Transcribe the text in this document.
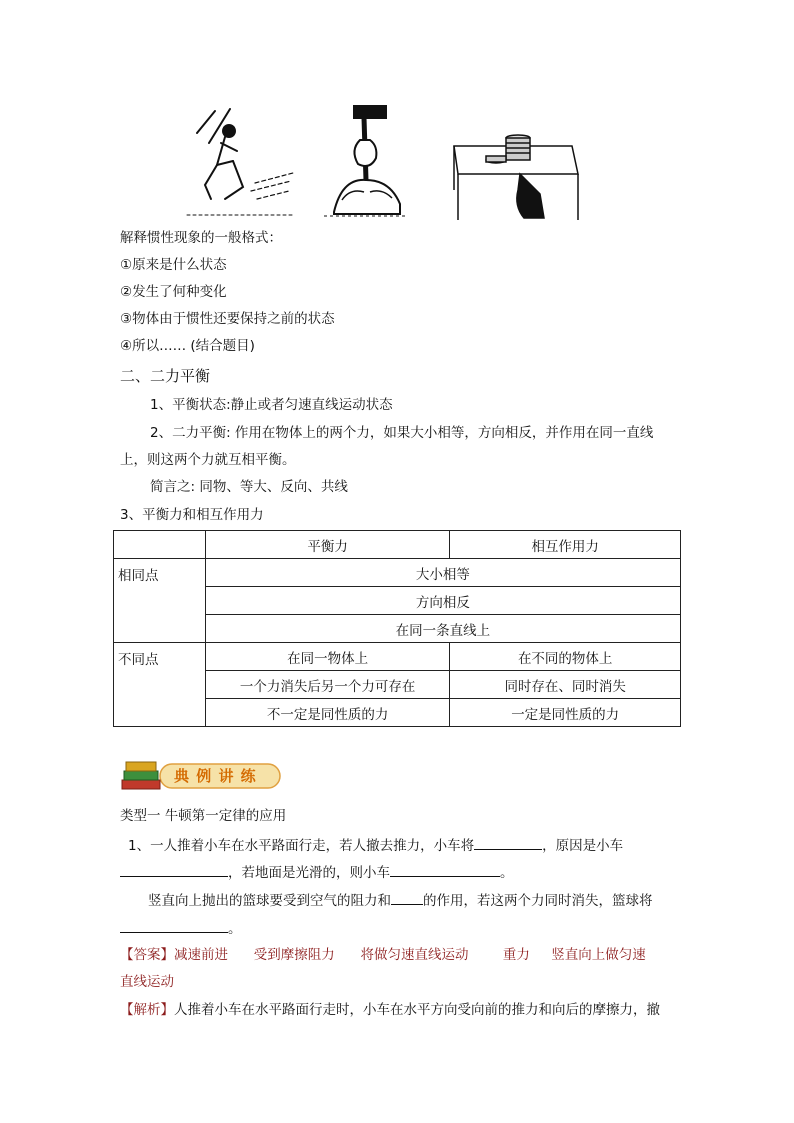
解释惯性现象的一般格式：
①原来是什么状态
②发生了何种变化
③物体由于惯性还要保持之前的状态
④所以…… (结合题目)
二、二力平衡
1、平衡状态:静止或者匀速直线运动状态
2、二力平衡: 作用在物体上的两个力，如果大小相等，方向相反，并作用在同一直线
上，则这两个力就互相平衡。
简言之: 同物、等大、反向、共线
3、平衡力和相互作用力
	平衡力	相互作用力
相同点	大小相等	
	方向相反	
	在同一条直线上	
不同点	在同一物体上	在不同的物体上
	一个力消失后另一个力可存在	同时存在、同时消失
	不一定是同性质的力	一定是同性质的力
典 例 讲 练
类型一 牛顿第一定律的应用
1、一人推着小车在水平路面行走，若人撤去推力，小车将	，原因是小车
，若地面是光滑的，则小车	。
竖直向上抛出的篮球要受到空气的阻力和 的作用，若这两个力同时消失，篮球将
。
【答案】减速前进      受到摩擦阻力      将做匀速直线运动        重力     竖直向上做匀速
直线运动
【解析】人推着小车在水平路面行走时，小车在水平方向受向前的推力和向后的摩擦力，撤
